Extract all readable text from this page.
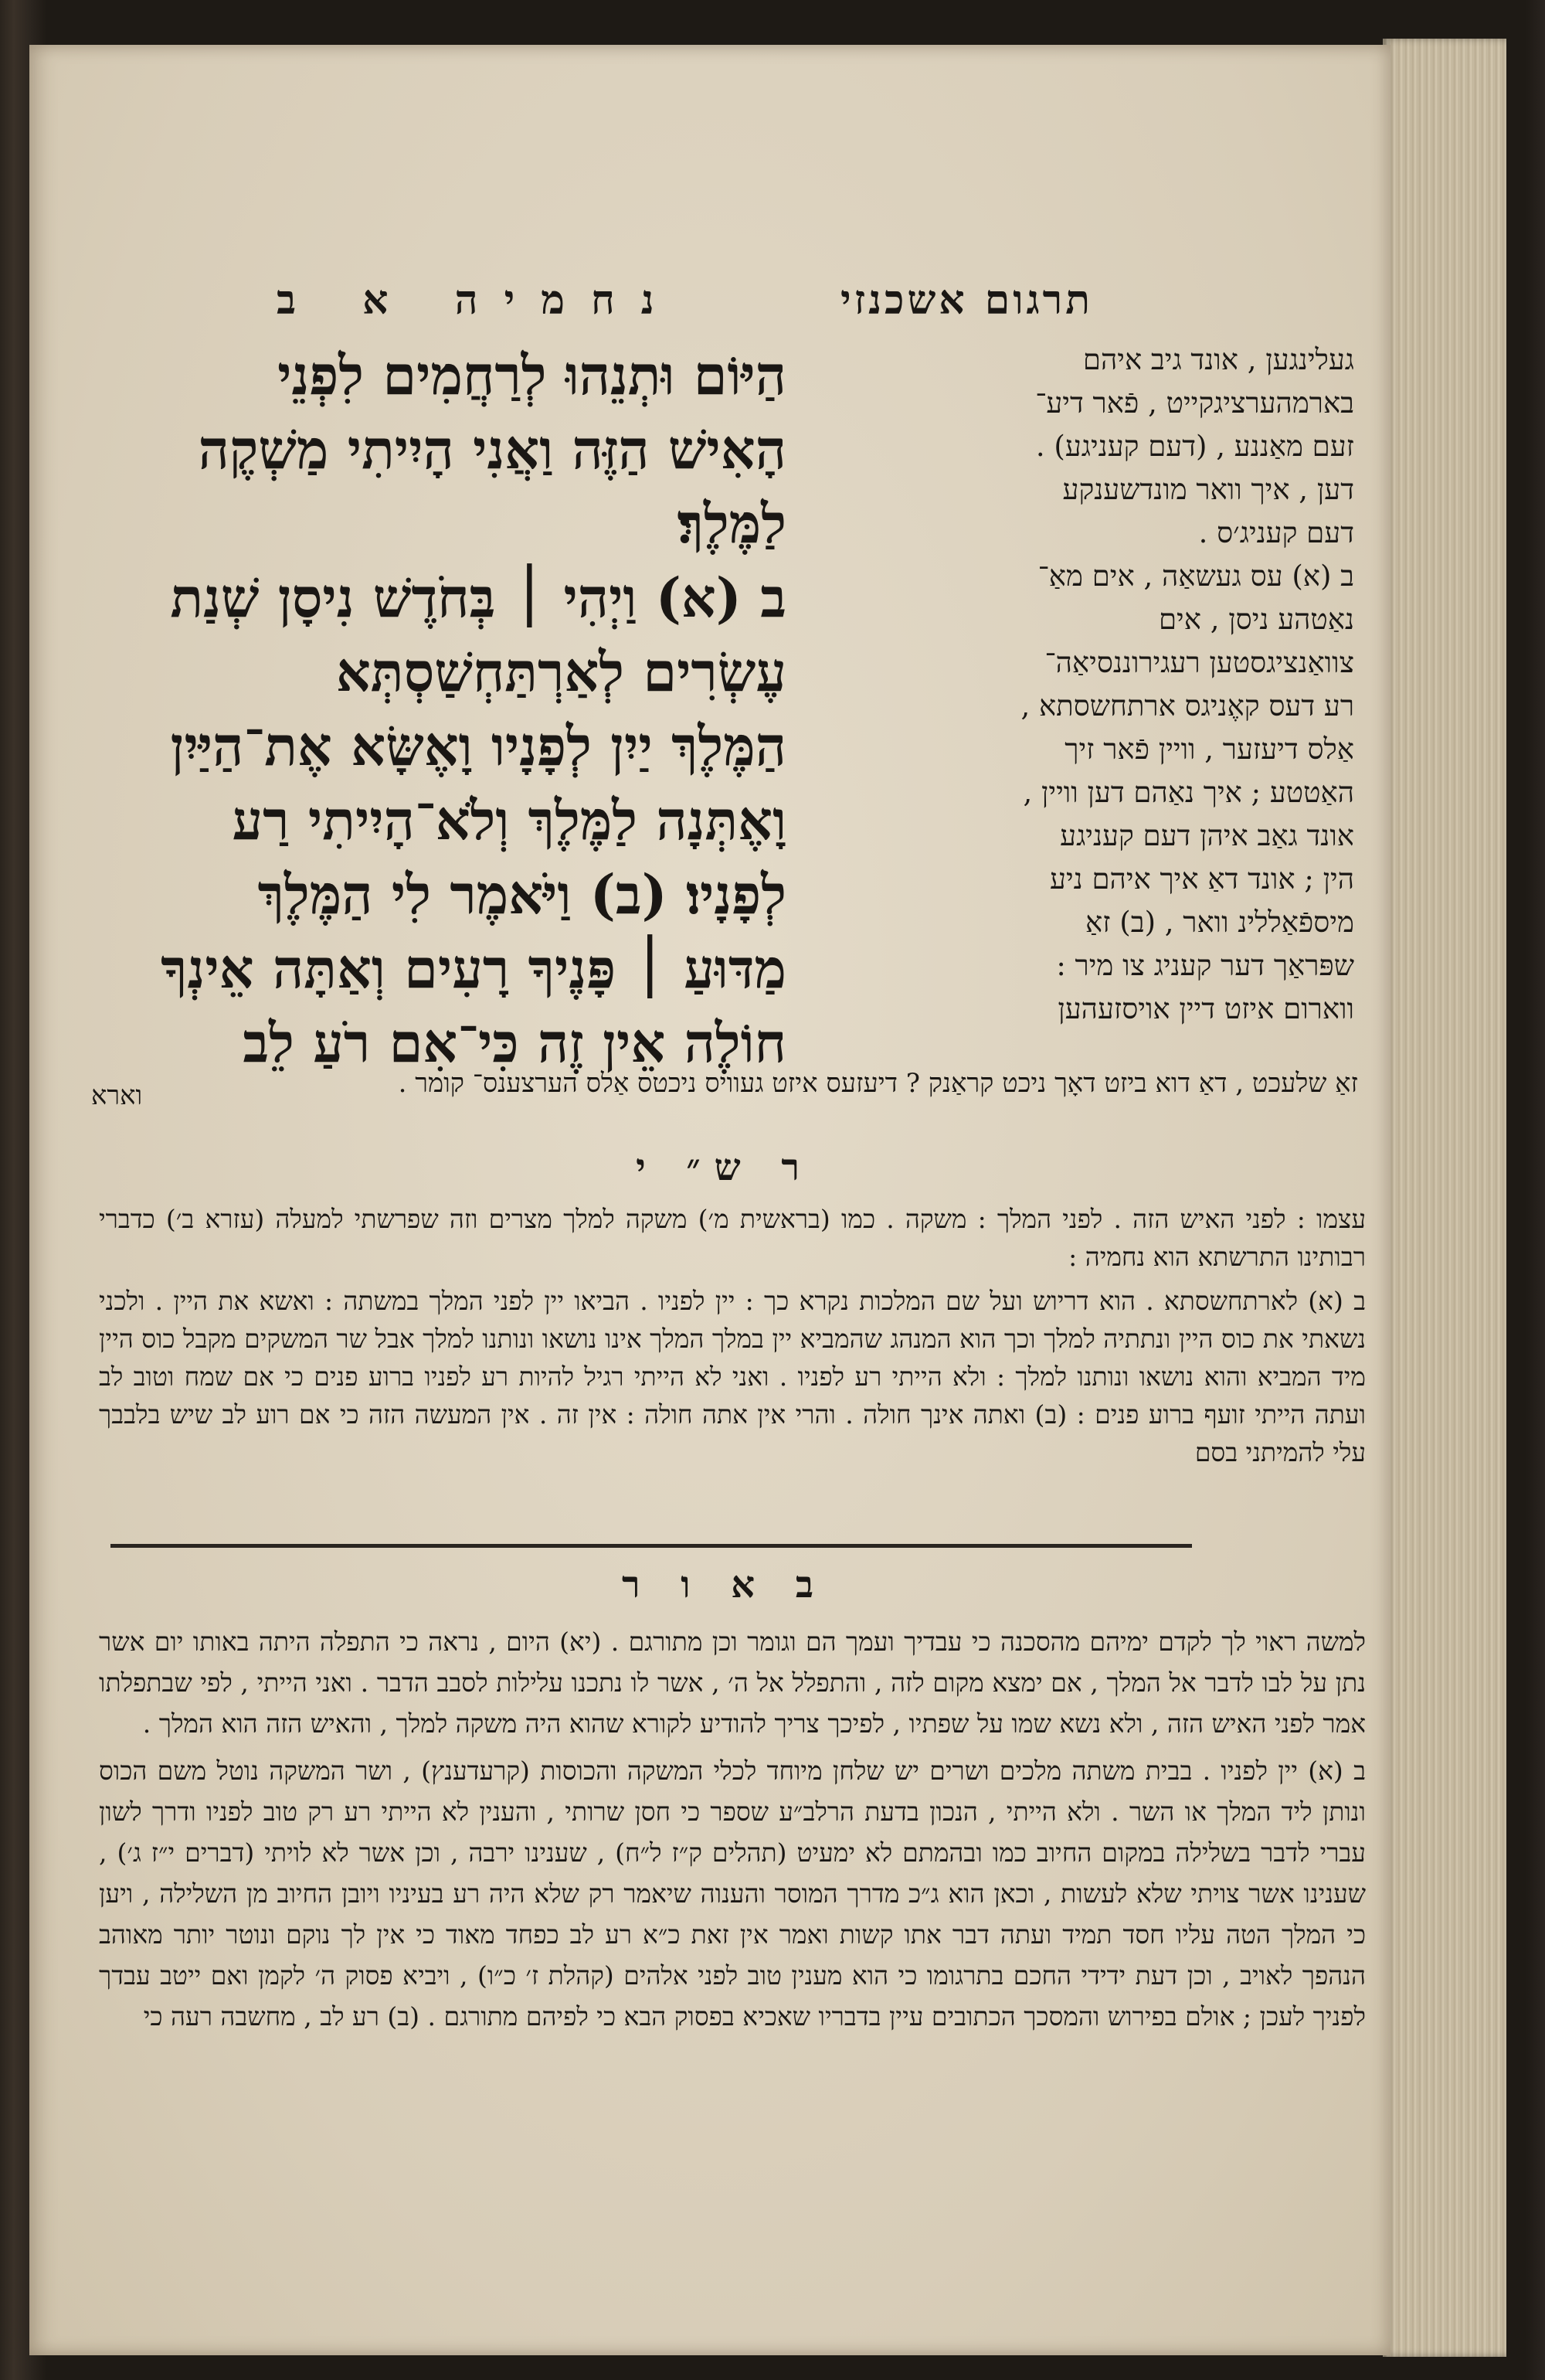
נחמיה א ב	תרגום אשכנזי
הַיּוֹם וּתְנֵהוּ לְרַחֲמִים לִפְנֵי
הָאִישׁ הַזֶּה וַאֲנִי הָיִיתִי מַשְׁקֶה
לַמֶּלֶךְ׃
ב (א) וַיְהִי ׀ בְּחֹדֶשׁ נִיסָן שְׁנַת
עֶשְׂרִים לְאַרְתַּחְשַׁסְתְּא
הַמֶּלֶךְ יַיִן לְפָנָיו וָאֶשָּׂא אֶת־הַיַּיִן
וָאֶתְּנָה לַמֶּלֶךְ וְלֹא־הָיִיתִי רַע
לְפָנָיו׃ (ב) וַיֹּאמֶר לִי הַמֶּלֶךְ
מַדּוּעַ ׀ פָּנֶיךָ רָעִים וְאַתָּה אֵינְךָ
חוֹלֶה אֵין זֶה כִּי־אִם רֹעַ לֵב
וארא
געלינגען , אונד גיב איהם
בארמהערציגקייט , פֿאר דיע־
זעם מאַננע , (דעם קעניגע) .
דען , איך וואר מונדשענקע
דעם קעניג׳ס .
ב (א) עס געשאַה , אים מאַ־
נאַטהע ניסן , אים
צוואַנציגסטען רעגירוננסיאַה־
רע דעס קאֶניגס ארתחשסתא ,
אַלס דיעזער , וויין פֿאר זיך
האַטטע ; איך נאַהם דען וויין ,
אונד גאַב איהן דעם קעניגע
הין ; אונד דאַ איך איהם ניע
מיספֿאַללינ וואר , (ב) זאַ
שפּראַך דער קעניג צו מיר :
ווארום איזט דיין אויסזעהען
זאַ שלעכט , דאַ דוא ביזט דאָך ניכט קראַנק ? דיעזעס איזט געוויס ניכטס אַלס הערצענס־ קומר .
ר ש״ י

עצמו : לפני האיש הזה . לפני המלך : משקה . כמו (בראשית מ׳) משקה למלך מצרים וזה שפרשתי למעלה (עזרא ב׳) כדברי רבותינו התרשתא הוא נחמיה :

ב (א) לארתחשסתא . הוא דריוש ועל שם המלכות נקרא כך : יין לפניו . הביאו יין לפני המלך במשתה : ואשא את היין . ולכני נשאתי את כוס היין ונתתיה למלך וכך הוא המנהג שהמביא יין במלך המלך אינו נושאו ונותנו למלך אבל שר המשקים מקבל כוס היין מיד המביא והוא נושאו ונותנו למלך : ולא הייתי רע לפניו . ואני לא הייתי רגיל להיות רע לפניו ברוע פנים כי אם שמח וטוב לב ועתה הייתי זועף ברוע פנים : (ב) ואתה אינך חולה . והרי אין אתה חולה : אין זה . אין המעשה הזה כי אם רוע לב שיש בלבבך עלי להמיתני בסם

ב א ו ר

למשה ראוי לך לקדם ימיהם מהסכנה כי עבדיך ועמך הם וגומר וכן מתורגם . (יא) היום , נראה כי התפלה היתה באותו יום אשר נתן על לבו לדבר אל המלך , אם ימצא מקום לזה , והתפלל אל ה׳ , אשר לו נתכנו עלילות לסבב הדבר . ואני הייתי , לפי שבתפלתו אמר לפני האיש הזה , ולא נשא שמו על שפתיו , לפיכך צריך להודיע לקורא שהוא היה משקה למלך , והאיש הזה הוא המלך .

ב (א) יין לפניו . בבית משתה מלכים ושרים יש שלחן מיוחד לכלי המשקה והכוסות (קרעדענץ) , ושר המשקה נוטל משם הכוס ונותן ליד המלך או השר . ולא הייתי , הנכון בדעת הרלב״ע שספר כי חסן שרותי , והענין לא הייתי רע רק טוב לפניו ודרך לשון עברי לדבר בשלילה במקום החיוב כמו ובהמתם לא ימעיט (תהלים ק״ז ל״ח) , שענינו ירבה , וכן אשר לא לויתי (דברים י״ז ג׳) , שענינו אשר צויתי שלא לעשות , וכאן הוא ג״כ מדרך המוסר והענוה שיאמר רק שלא היה רע בעיניו ויובן החיוב מן השלילה , ויען כי המלך הטה עליו חסד תמיד ועתה דבר אתו קשות ואמר אין זאת כ״א רע לב כפחד מאוד כי אין לך נוקם ונוטר יותר מאוהב הנהפך לאויב , וכן דעת ידידי החכם בתרגומו כי הוא מענין טוב לפני אלהים (קהלת ז׳ כ״ו) , ויביא פסוק ה׳ לקמן ואם ייטב עבדך לפניך לעכן ; אולם בפירוש והמסכך הכתובים עיין בדבריו שאכיא בפסוק הבא כי לפיהם מתורגם . (ב) רע לב , מחשבה רעה כי
